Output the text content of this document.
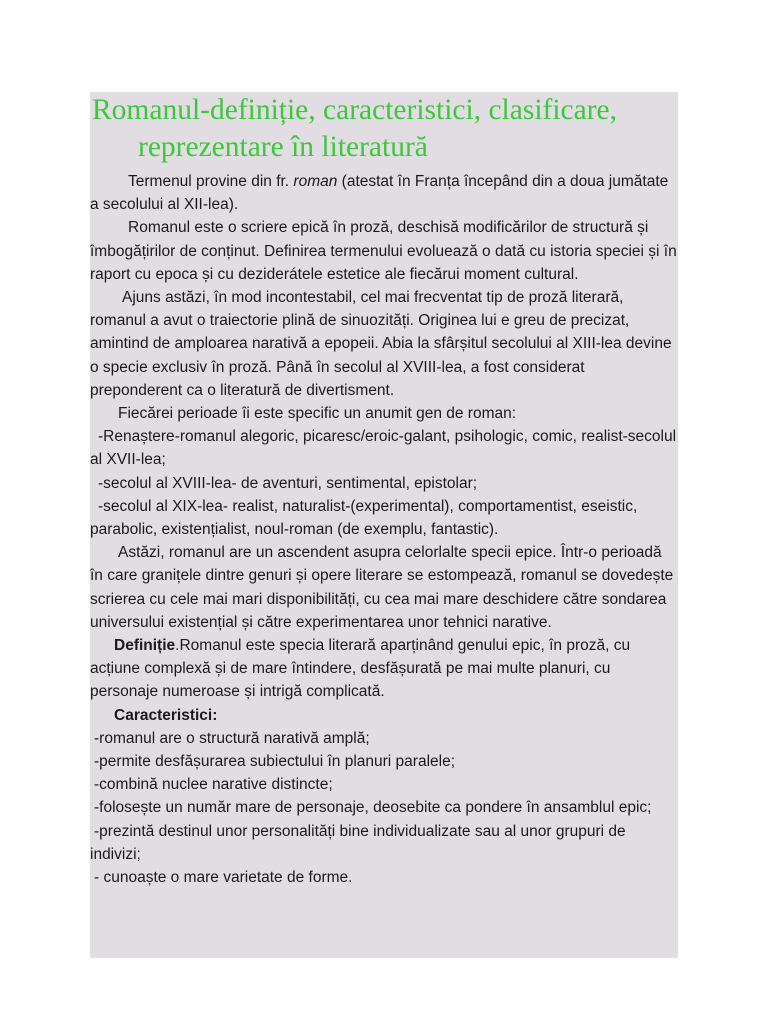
Romanul-definiție, caracteristici, clasificare,
reprezentare în literatură

Termenul provine din fr. roman (atestat în Franța începând din a doua jumătate a secolului al XII-lea).

Romanul este o scriere epică în proză, deschisă modificărilor de structură și îmbogățirilor de conținut. Definirea termenului evoluează o dată cu istoria speciei și în raport cu epoca și cu deziderátele estetice ale fiecărui moment cultural.

Ajuns astăzi, în mod incontestabil, cel mai frecventat tip de proză literară, romanul a avut o traiectorie plină de sinuozități. Originea lui e greu de precizat, amintind de amploarea narativă a epopeii. Abia la sfârșitul secolului al XIII-lea devine o specie exclusiv în proză. Până în secolul al XVIII-lea, a fost considerat preponderent ca o literatură de divertisment.

Fiecărei perioade îi este specific un anumit gen de roman:

-Renaștere-romanul alegoric, picaresc/eroic-galant, psihologic, comic, realist-secolul al XVII-lea;

-secolul al XVIII-lea- de aventuri, sentimental, epistolar;

-secolul al XIX-lea- realist, naturalist-(experimental), comportamentist, eseistic, parabolic, existențialist, noul-roman (de exemplu, fantastic).

Astăzi, romanul are un ascendent asupra celorlalte specii epice. Într-o perioadă în care granițele dintre genuri și opere literare se estompează, romanul se dovedește scrierea cu cele mai mari disponibilități, cu cea mai mare deschidere către sondarea universului existențial și către experimentarea unor tehnici narative.

Definiție.Romanul este specia literară aparținând genului epic, în proză, cu acțiune complexă și de mare întindere, desfășurată pe mai multe planuri, cu personaje numeroase și intrigă complicată.

Caracteristici:

-romanul are o structură narativă amplă;

-permite desfășurarea subiectului în planuri paralele;

-combină nuclee narative distincte;

-folosește un număr mare de personaje, deosebite ca pondere în ansamblul epic;

-prezintă destinul unor personalități bine individualizate sau al unor grupuri de indivizi;

- cunoaște o mare varietate de forme.
